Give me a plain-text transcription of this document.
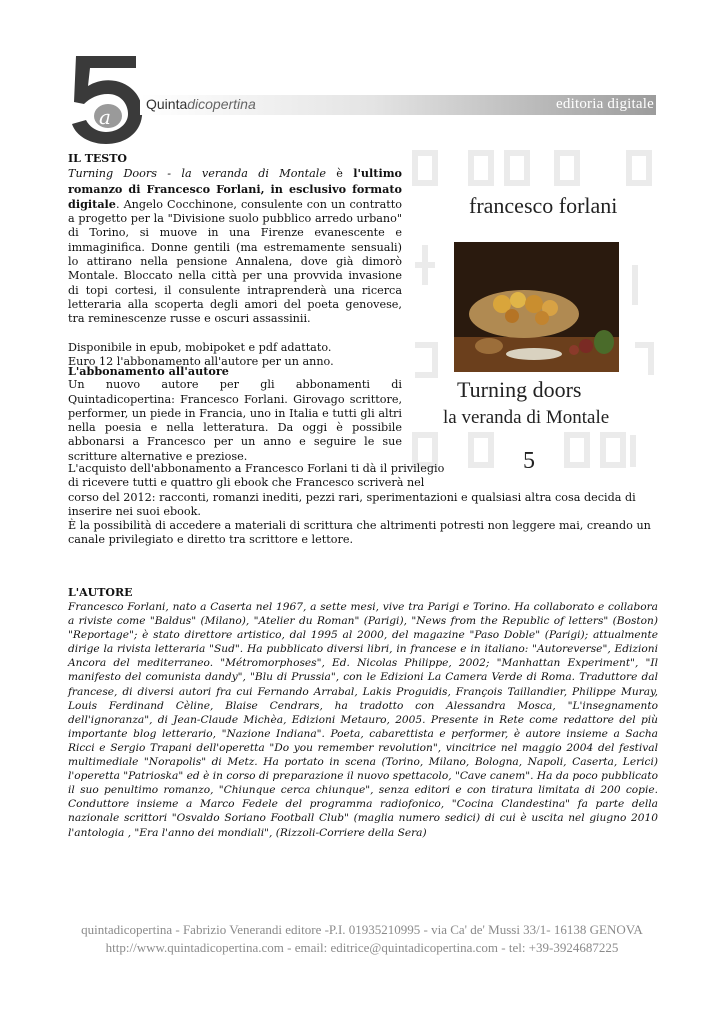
a
Quintadicopertina	editoria digitale
francesco forlani
Turning doors
la veranda di Montale
5

IL TESTO

Turning Doors - la veranda di Montale è l'ultimo romanzo di Francesco Forlani, in esclusivo formato digitale. Angelo Cocchinone, consulente con un contratto a progetto per la "Divisione suolo pubblico arredo urbano" di Torino, si muove in una Firenze evanescente e immaginifica. Donne gentili (ma estremamente sensuali) lo attirano nella pensione Annalena, dove già dimorò Montale. Bloccato nella città per una provvida invasione di topi cortesi, il consulente intraprenderà una ricerca letteraria alla scoperta degli amori del poeta genovese, tra reminescenze russe e oscuri assassinii.

Disponibile in epub, mobipoket e pdf adattato.

Euro 12 l'abbonamento all'autore per un anno.

L'abbonamento all'autore

Un nuovo autore per gli abbonamenti di Quintadicopertina: Francesco Forlani. Girovago scrittore, performer, un piede in Francia, uno in Italia e tutti gli altri nella poesia e nella letteratura. Da oggi è possibile abbonarsi a Francesco per un anno e seguire le sue scritture alternative e preziose.

L'acquisto dell'abbonamento a Francesco Forlani ti dà il privilegio

di ricevere tutti e quattro gli ebook che Francesco scriverà nel

corso del 2012: racconti, romanzi inediti, pezzi rari, sperimentazioni e qualsiasi altra cosa decida di inserire nei suoi ebook.

È la possibilità di accedere a materiali di scrittura che altrimenti potresti non leggere mai, creando un canale privilegiato e diretto tra scrittore e lettore.

L'AUTORE

Francesco Forlani, nato a Caserta nel 1967, a sette mesi, vive tra Parigi e Torino. Ha collaborato e collabora a riviste come "Baldus" (Milano), "Atelier du Roman" (Parigi), "News from the Republic of letters" (Boston) "Reportage"; è stato direttore artistico, dal 1995 al 2000, del magazine "Paso Doble" (Parigi); attualmente dirige la rivista letteraria "Sud". Ha pubblicato diversi libri, in francese e in italiano: "Autoreverse", Edizioni Ancora del mediterraneo. "Métromorphoses", Ed. Nicolas Philippe, 2002; "Manhattan Experiment", "Il manifesto del comunista dandy", "Blu di Prussia", con le Edizioni La Camera Verde di Roma. Traduttore dal francese, di diversi autori fra cui Fernando Arrabal, Lakis Proguidis, François Taillandier, Philippe Muray, Louis Ferdinand Cèline, Blaise Cendrars, ha tradotto con Alessandra Mosca, "L'insegnamento dell'ignoranza", di Jean-Claude Michèa, Edizioni Metauro, 2005. Presente in Rete come redattore del più importante blog letterario, "Nazione Indiana". Poeta, cabarettista e performer, è autore insieme a Sacha Ricci e Sergio Trapani dell'operetta "Do you remember revolution", vincitrice nel maggio 2004 del festival multimediale "Norapolis" di Metz. Ha portato in scena (Torino, Milano, Bologna, Napoli, Caserta, Lerici) l'operetta "Patrioska" ed è in corso di preparazione il nuovo spettacolo, "Cave canem". Ha da poco pubblicato il suo penultimo romanzo, "Chiunque cerca chiunque", senza editori e con tiratura limitata di 200 copie. Conduttore insieme a Marco Fedele del programma radiofonico, "Cocina Clandestina" fa parte della nazionale scrittori "Osvaldo Soriano Football Club" (maglia numero sedici) di cui è uscita nel giugno 2010 l'antologia , "Era l'anno dei mondiali", (Rizzoli-Corriere della Sera)
quintadicopertina - Fabrizio Venerandi editore -P.I. 01935210995 - via Ca' de' Mussi 33/1- 16138 GENOVA
http://www.quintadicopertina.com - email: editrice@quintadicopertina.com - tel: +39-3924687225
